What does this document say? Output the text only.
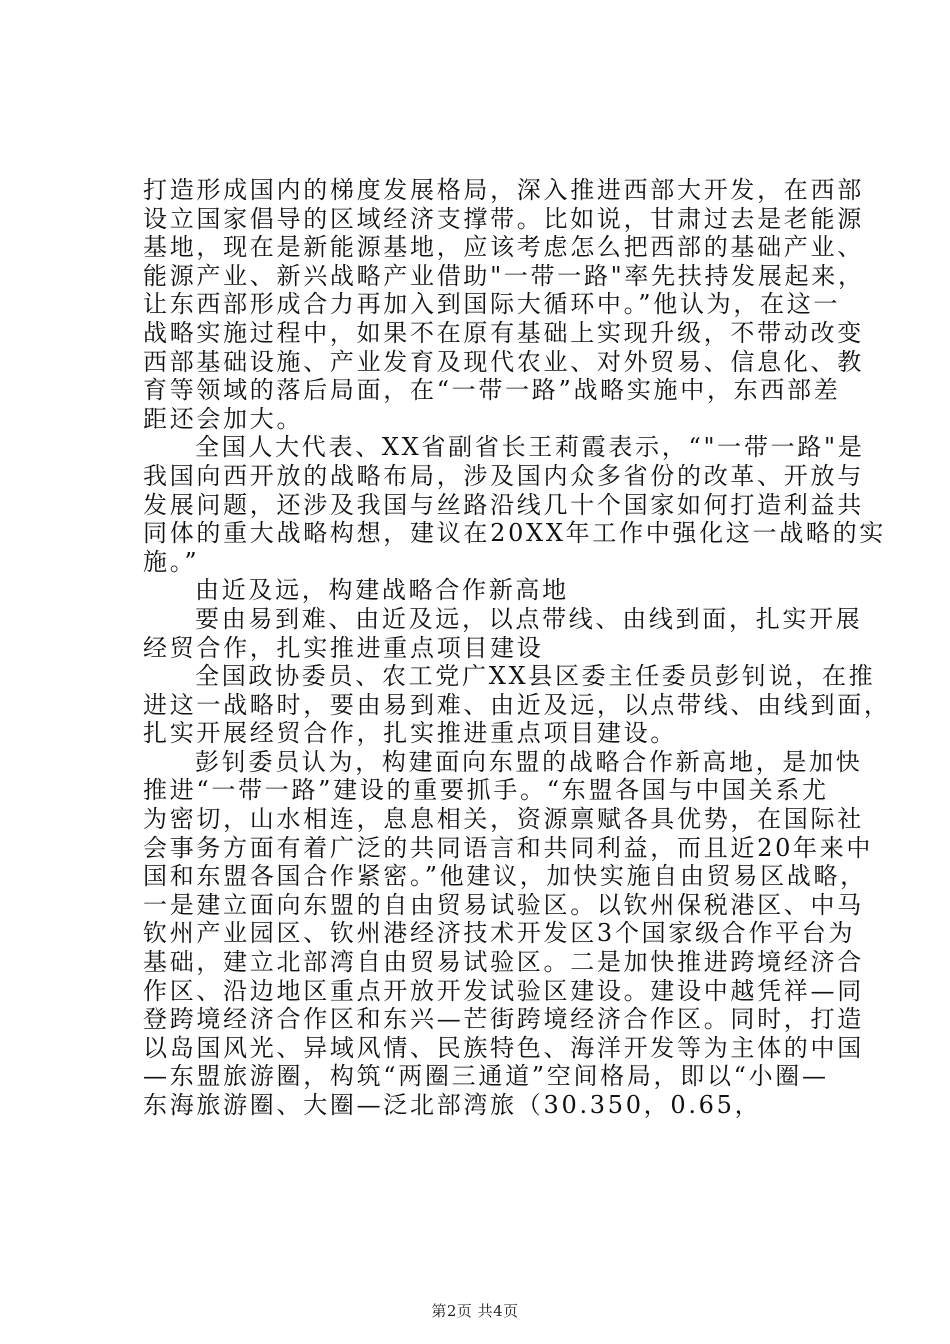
打造形成国内的梯度发展格局，深入推进西部大开发，在西部
设立国家倡导的区域经济支撑带。比如说，甘肃过去是老能源
基地，现在是新能源基地，应该考虑怎么把西部的基础产业、
能源产业、新兴战略产业借助"一带一路"率先扶持发展起来，
让东西部形成合力再加入到国际大循环中。”他认为，在这一
战略实施过程中，如果不在原有基础上实现升级，不带动改变
西部基础设施、产业发育及现代农业、对外贸易、信息化、教
育等领域的落后局面，在“一带一路”战略实施中，东西部差
距还会加大。
全国人大代表、XX省副省长王莉霞表示，“"一带一路"是
我国向西开放的战略布局，涉及国内众多省份的改革、开放与
发展问题，还涉及我国与丝路沿线几十个国家如何打造利益共
同体的重大战略构想，建议在20XX年工作中强化这一战略的实
施。”
由近及远，构建战略合作新高地
要由易到难、由近及远，以点带线、由线到面，扎实开展
经贸合作，扎实推进重点项目建设
全国政协委员、农工党广XX县区委主任委员彭钊说，在推
进这一战略时，要由易到难、由近及远，以点带线、由线到面，
扎实开展经贸合作，扎实推进重点项目建设。
彭钊委员认为，构建面向东盟的战略合作新高地，是加快
推进“一带一路”建设的重要抓手。“东盟各国与中国关系尤
为密切，山水相连，息息相关，资源禀赋各具优势，在国际社
会事务方面有着广泛的共同语言和共同利益，而且近20年来中
国和东盟各国合作紧密。”他建议，加快实施自由贸易区战略，
一是建立面向东盟的自由贸易试验区。以钦州保税港区、中马
钦州产业园区、钦州港经济技术开发区3个国家级合作平台为
基础，建立北部湾自由贸易试验区。二是加快推进跨境经济合
作区、沿边地区重点开放开发试验区建设。建设中越凭祥—同
登跨境经济合作区和东兴—芒街跨境经济合作区。同时，打造
以岛国风光、异域风情、民族特色、海洋开发等为主体的中国
—东盟旅游圈，构筑“两圈三通道”空间格局，即以“小圈—
东海旅游圈、大圈—泛北部湾旅（30.350，0.65，
第2页 共4页
